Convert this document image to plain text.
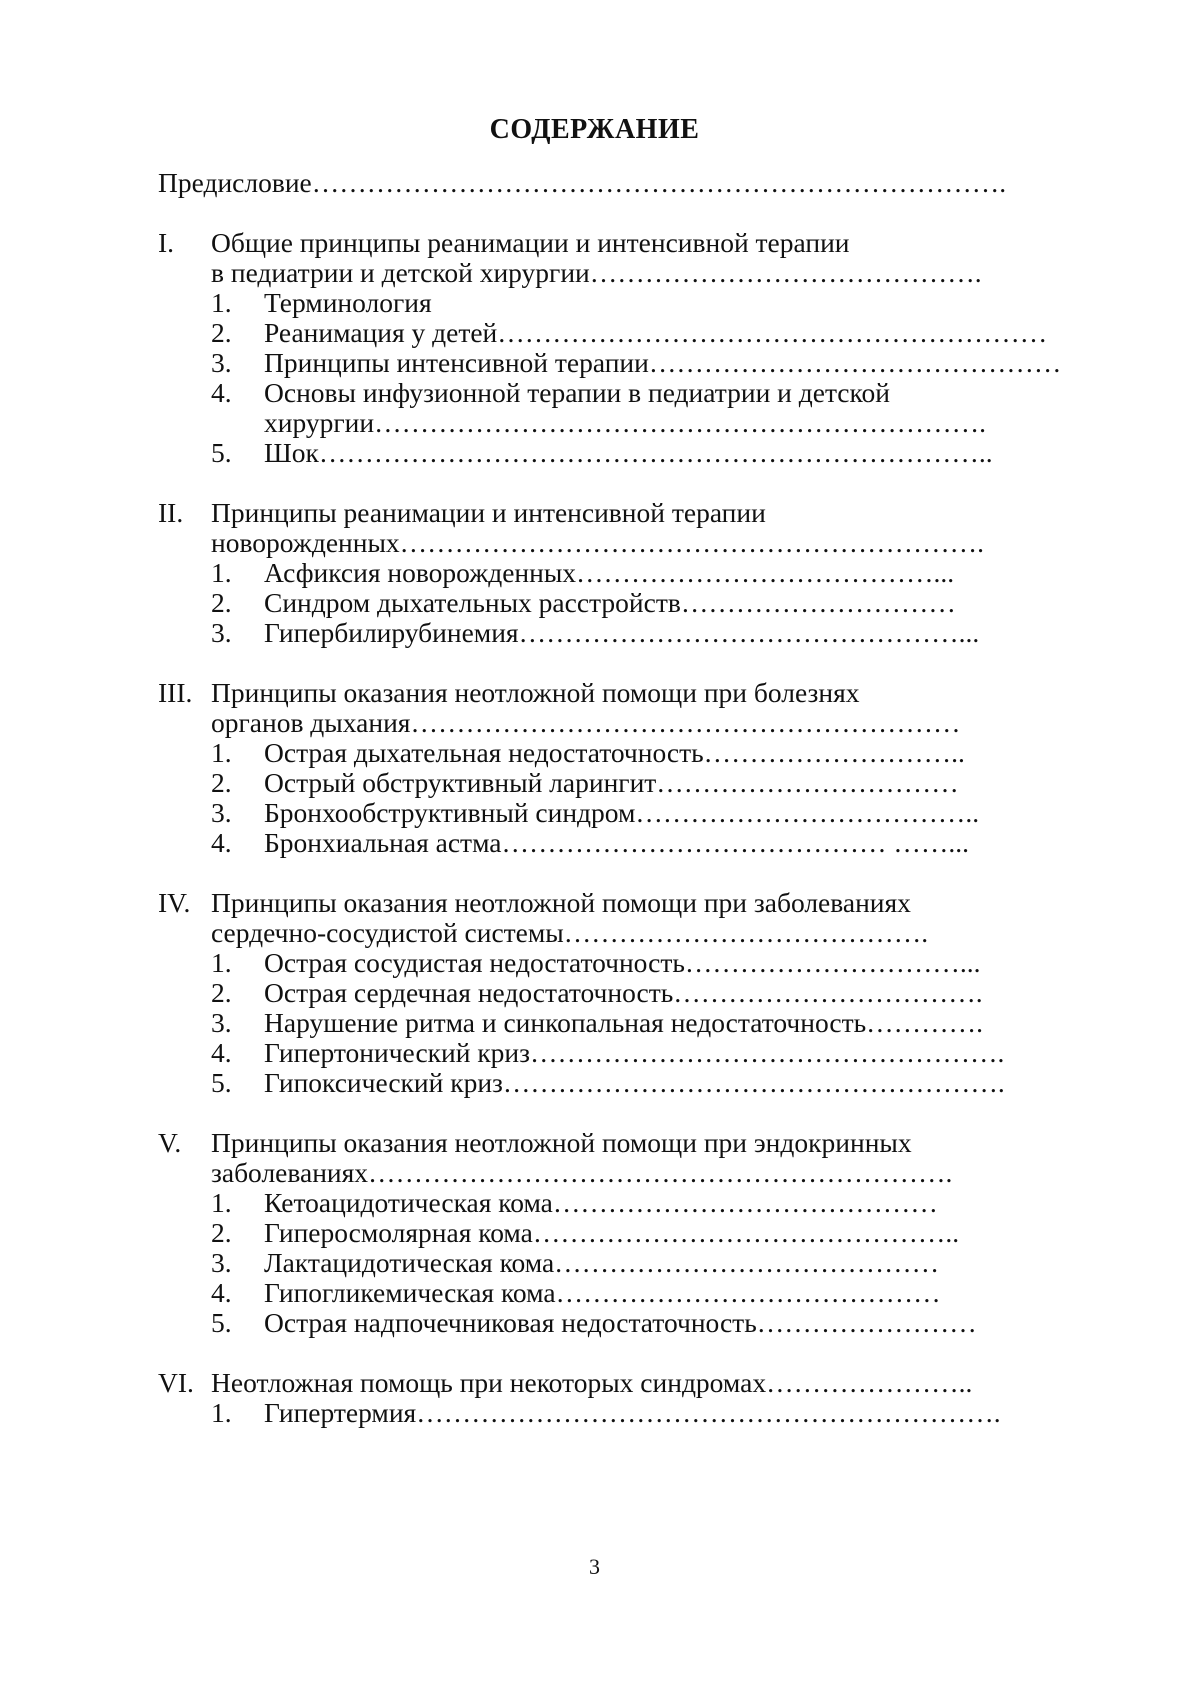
СОДЕРЖАНИЕ
Предисловие………………………………………………………………….
I. Общие принципы реанимации и интенсивной терапии
в педиатрии и детской хирургии…………………………………….
1. Терминология
2. Реанимация у детей……………………………………………………
3. Принципы интенсивной терапии………………………………………
4. Основы инфузионной терапии в педиатрии и детской
хирургии………………………………………………………….
5. Шок………………………………………………………………..
II. Принципы реанимации и интенсивной терапии
новорожденных……………………………………………………….
1. Асфиксия новорожденных…………………………………...
2. Синдром дыхательных расстройств…………………………
3. Гипербилирубинемия…………………………………………...
III. Принципы оказания неотложной помощи при болезнях
органов дыхания……………………………………………………
1. Острая дыхательная недостаточность………………………..
2. Острый обструктивный ларингит……………………………
3. Бронхообструктивный синдром………………………………..
4. Бронхиальная астма…………………………………… ……...
IV. Принципы оказания неотложной помощи при заболеваниях
сердечно-сосудистой системы………………………………….
1. Острая сосудистая недостаточность…………………………...
2. Острая сердечная недостаточность…………………………….
3. Нарушение ритма и синкопальная недостаточность………….
4. Гипертонический криз…………………………………………….
5. Гипоксический криз……………………………………………….
V. Принципы оказания неотложной помощи при эндокринных
заболеваниях……………………………………………………….
1. Кетоацидотическая кома……………………………………
2. Гиперосмолярная кома………………………………………..
3. Лактацидотическая кома……………………………………
4. Гипогликемическая кома……………………………………
5. Острая надпочечниковая недостаточность……………………
VI. Неотложная помощь при некоторых синдромах…………………..
1. Гипертермия……………………………………………………….
3
